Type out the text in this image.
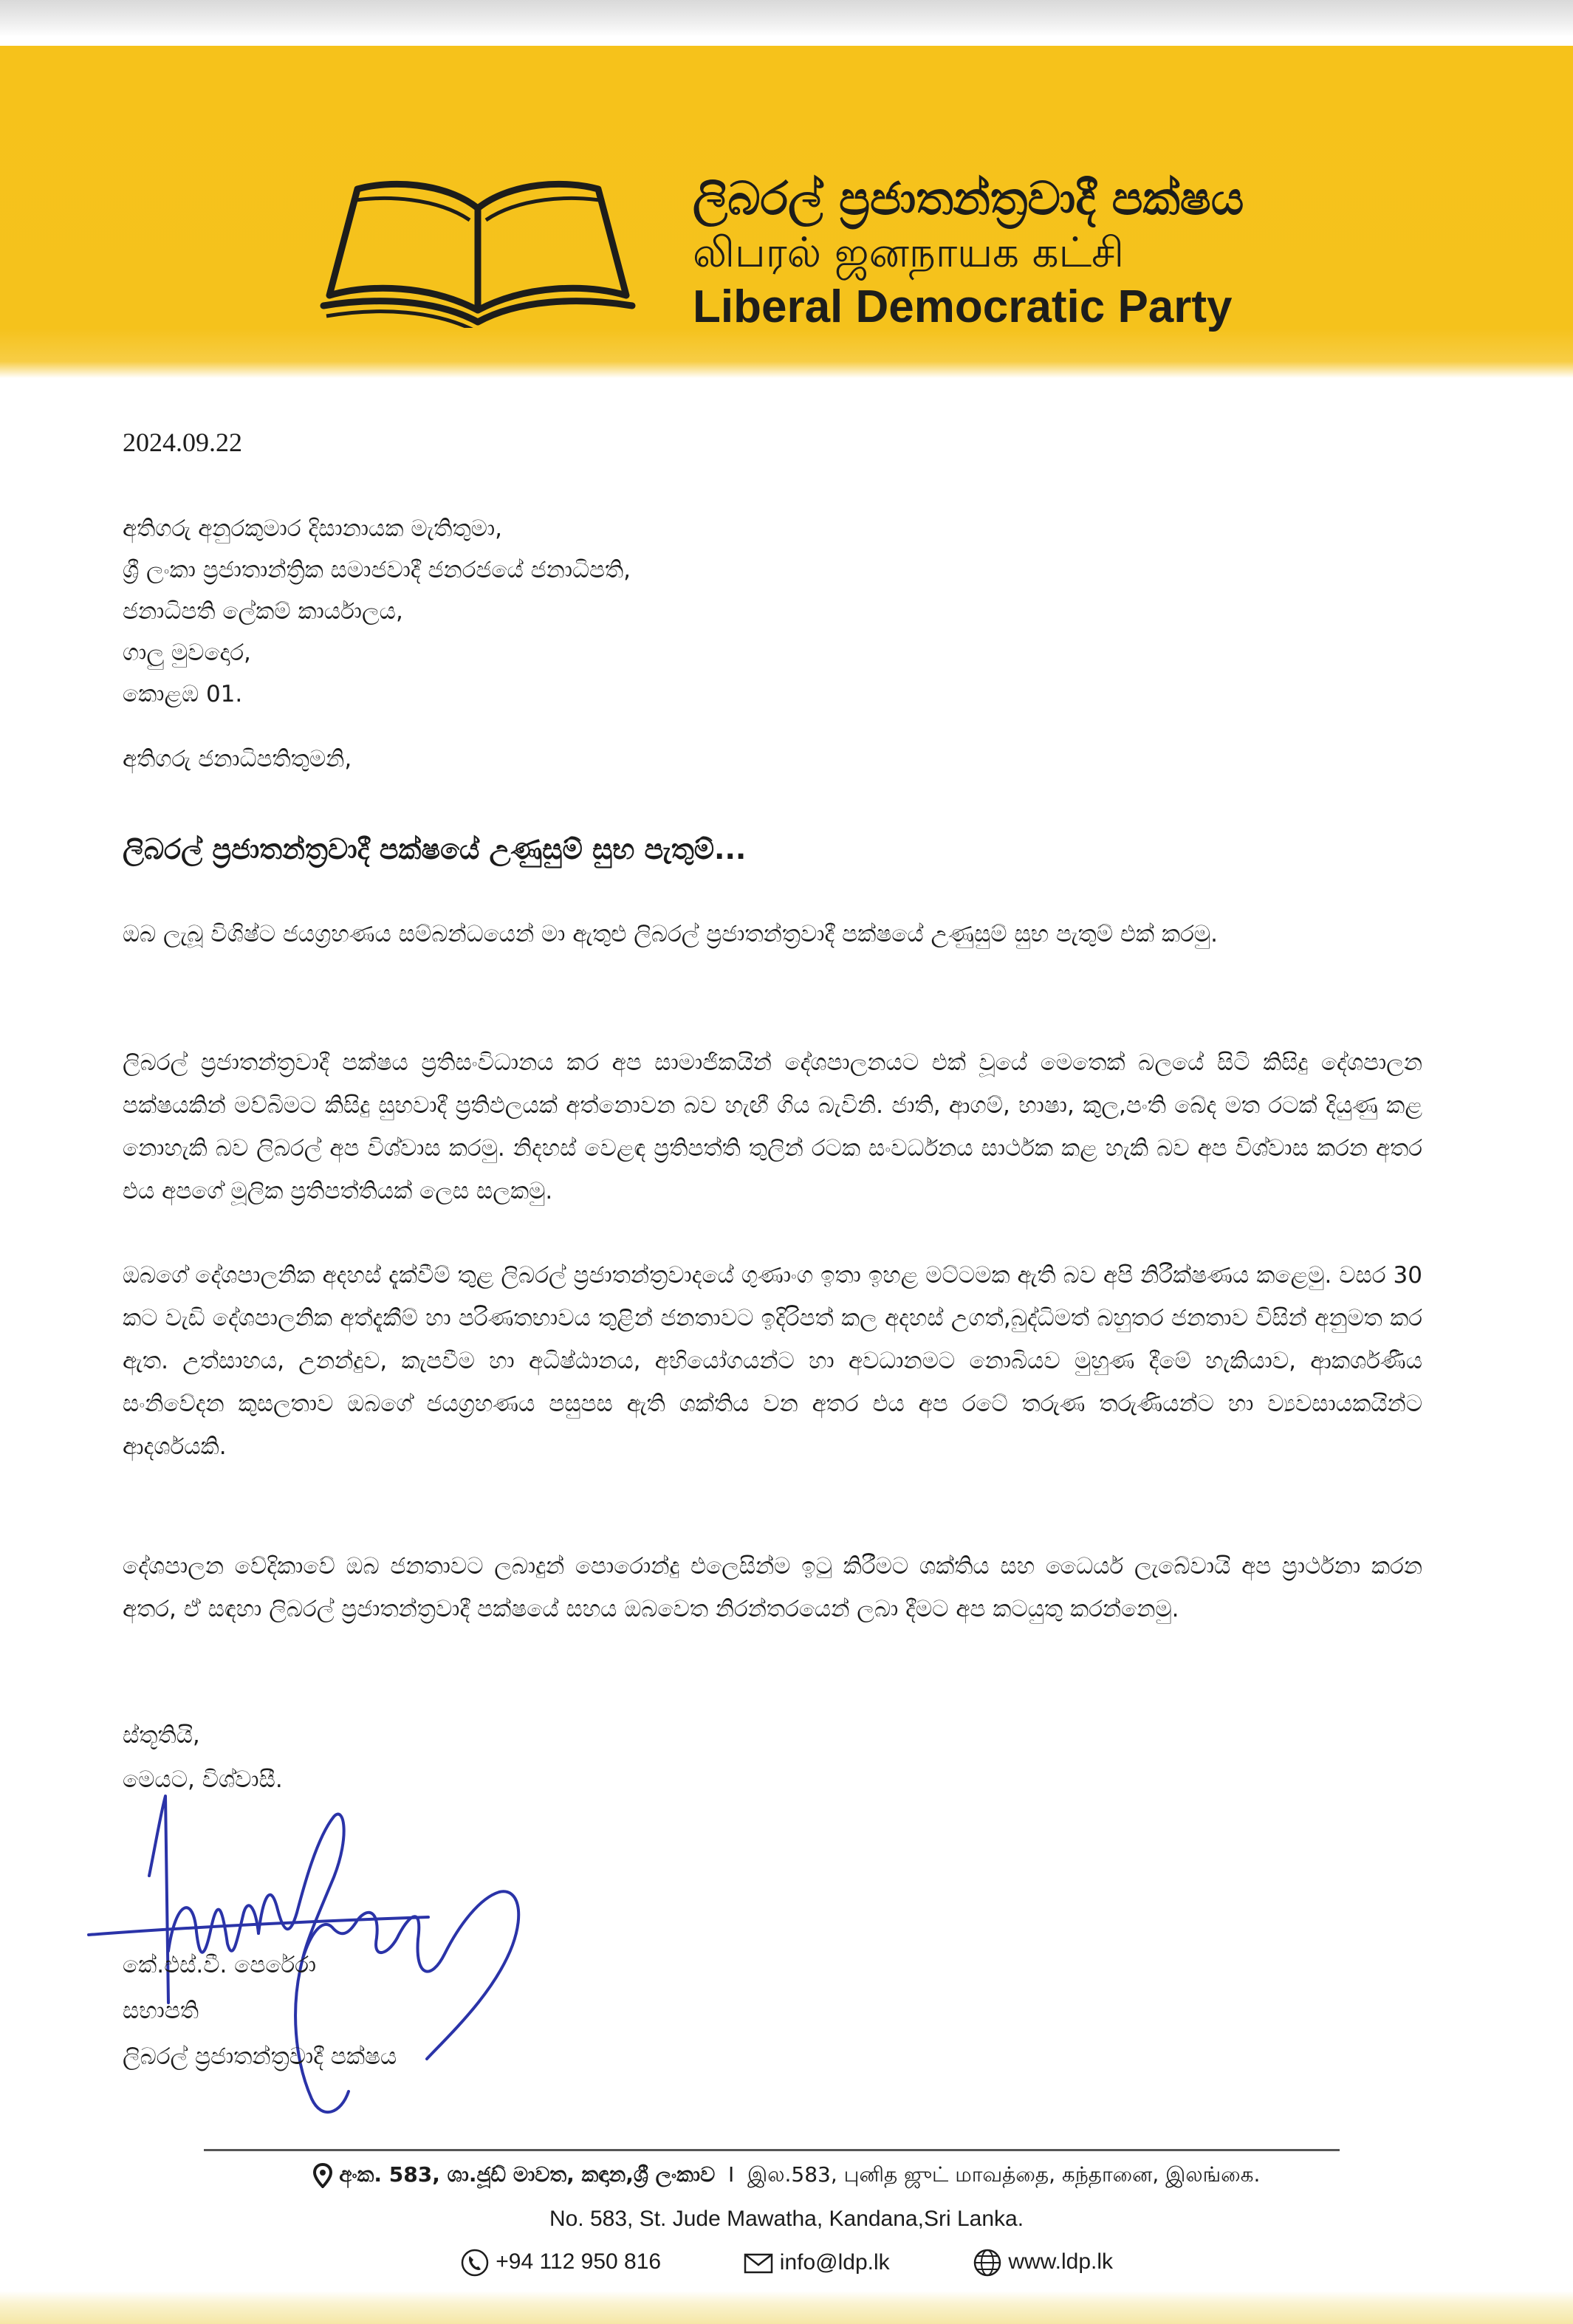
ලිබරල් ප්‍රජාතන්ත්‍රවාදී පක්ෂය
லிபரல் ஜனநாயக கட்சி
Liberal Democratic Party
2024.09.22
අතිගරු අනුරකුමාර දිසානායක මැතිතුමා,
ශ්‍රී ලංකා ප්‍රජාතාන්ත්‍රික සමාජවාදී ජනරජයේ ජනාධිපති,
ජනාධිපති ලේකම් කාර්යාලය,
ගාලු මුවදොර,
කොළඹ 01.
අතිගරු ජනාධිපතිතුමනි,
ලිබරල් ප්‍රජාතන්ත්‍රවාදී පක්ෂයේ උණුසුම් සුභ පැතුම්...

ඔබ ලැබූ විශිෂ්ට ජයග්‍රහණය සම්බන්ධයෙන් මා ඇතුළු ලිබරල් ප්‍රජාතන්ත්‍රවාදී පක්ෂයේ උණුසුම් සුභ පැතුම් එක් කරමු.

ලිබරල් ප්‍රජාතන්ත්‍රවාදී පක්ෂය ප්‍රතිසංවිධානය කර අප සාමාජිකයින් දේශපාලනයට එක් වූයේ මෙතෙක් බලයේ සිටි කිසිදු දේශපාලන පක්ෂයකින් මව්බිමට කිසිදු සුභවාදී ප්‍රතිඵලයක් අත්නොවන බව හැඟී ගිය බැවිනි. ජාති, ආගම්, භාෂා, කුල,පංති බේද මත රටක් දියුණු කළ නොහැකි බව ලිබරල් අප විශ්වාස කරමු. නිදහස් වෙළඳ ප්‍රතිපත්ති තුලින් රටක සංවර්ධනය සාර්ථක කළ හැකි බව අප විශ්වාස කරන අතර එය අපගේ මූලික ප්‍රතිපත්තියක් ලෙස සලකමු.

ඔබගේ දේශපාලනික අදහස් දැක්වීම් තුළ ලිබරල් ප්‍රජාතන්ත්‍රවාදයේ ගුණාංග ඉතා ඉහළ මට්ටමක ඇති බව අපි නිරීක්ෂණය කළෙමු. වසර 30 කට වැඩි දේශපාලනික අත්දැකීම් හා පරිණතභාවය තුළින් ජනතාවට ඉදිරිපත් කල අදහස් උගත්,බුද්ධිමත් බහුතර ජනතාව විසින් අනුමත කර ඇත. උත්සාහය, උනන්දුව, කැපවීම හා අධිෂ්ඨානය, අභියෝගයන්ට හා අවධානමට නොබියව මුහුණ දීමේ හැකියාව, ආකර්ශණීය සංනිවේදන කුසලතාව ඔබගේ ජයග්‍රහණය පසුපස ඇති ශක්තිය වන අතර එය අප රටේ තරුණ තරුණියන්ට හා ව්‍යවසායකයින්ට ආදර්ශයකි.

දේශපාලන වේදිකාවේ ඔබ ජනතාවට ලබාදුන් පොරොන්දු එලෙසින්ම ඉටු කිරීමට ශක්තිය සහ ධෛර්ය ලැබේවායි අප ප්‍රාර්ථනා කරන අතර, ඒ සඳහා ලිබරල් ප්‍රජාතන්ත්‍රවාදී පක්ෂයේ සහය ඔබවෙත නිරන්තරයෙන් ලබා දීමට අප කටයුතු කරන්නෙමු.

ස්තූතියි,
මෙයට, විශ්වාසී.
කේ.එස්.වී. පෙරේරා
සභාපති
ලිබරල් ප්‍රජාතන්ත්‍රවාදී පක්ෂය
අංක. 583, ශා.ජූඩ් මාවත, කඳාන,ශ්‍රී ලංකාව I இல.583, புனித ஜுட் மாவத்தை, கந்தானை, இலங்கை.
No. 583, St. Jude Mawatha, Kandana,Sri Lanka.
+94 112 950 816	info@ldp.lk	www.ldp.lk
